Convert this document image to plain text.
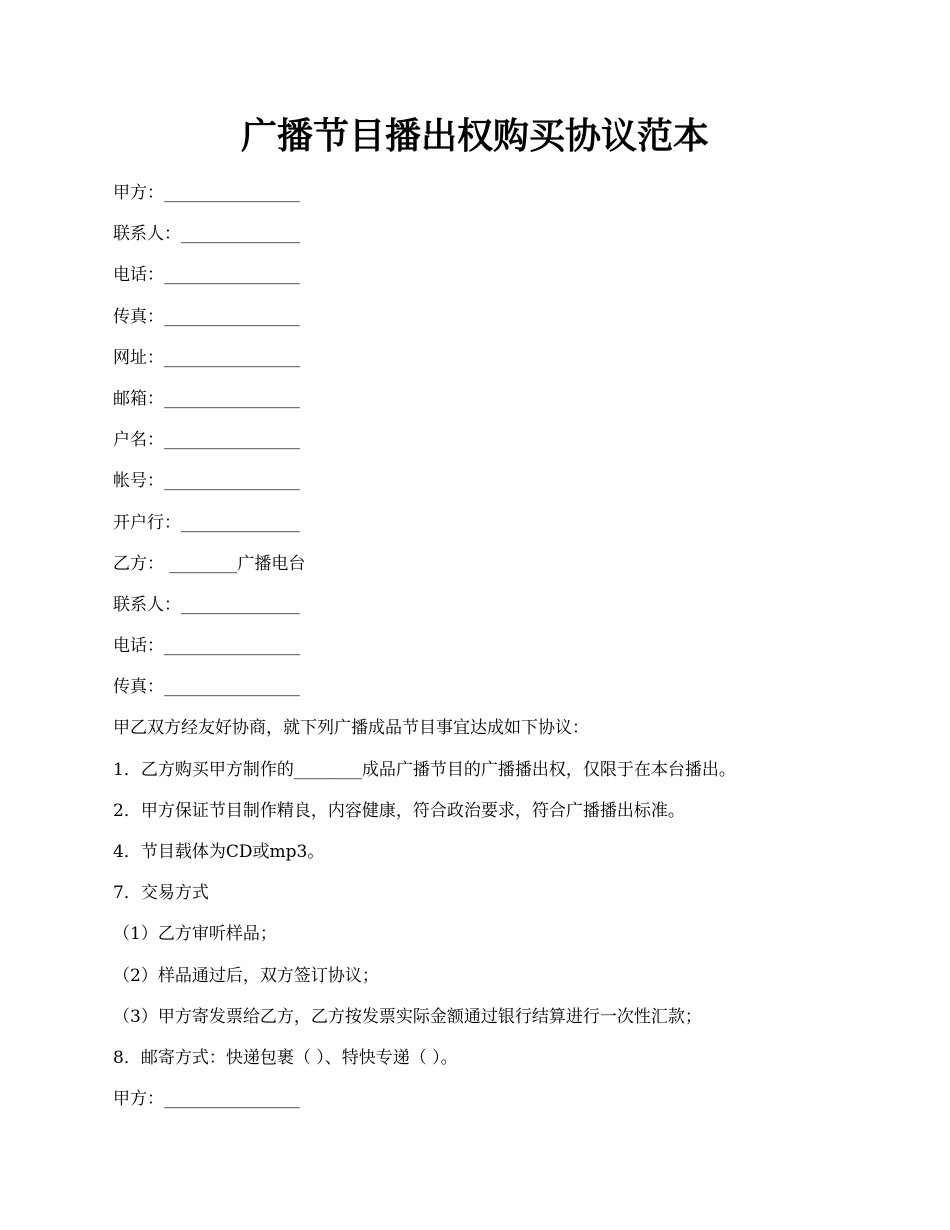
广播节目播出权购买协议范本
甲方：________________
联系人：______________
电话：________________
传真：________________
网址：________________
邮箱：________________
户名：________________
帐号：________________
开户行：______________
乙方： ________广播电台
联系人：______________
电话：________________
传真：________________
甲乙双方经友好协商，就下列广播成品节目事宜达成如下协议：
1．乙方购买甲方制作的________成品广播节目的广播播出权，仅限于在本台播出。
2．甲方保证节目制作精良，内容健康，符合政治要求，符合广播播出标准。
4．节目载体为CD或mp3。
7．交易方式
（1）乙方审听样品；
（2）样品通过后，双方签订协议；
（3）甲方寄发票给乙方，乙方按发票实际金额通过银行结算进行一次性汇款；
8．邮寄方式：快递包裹（ ）、特快专递（ ）。
甲方：________________
